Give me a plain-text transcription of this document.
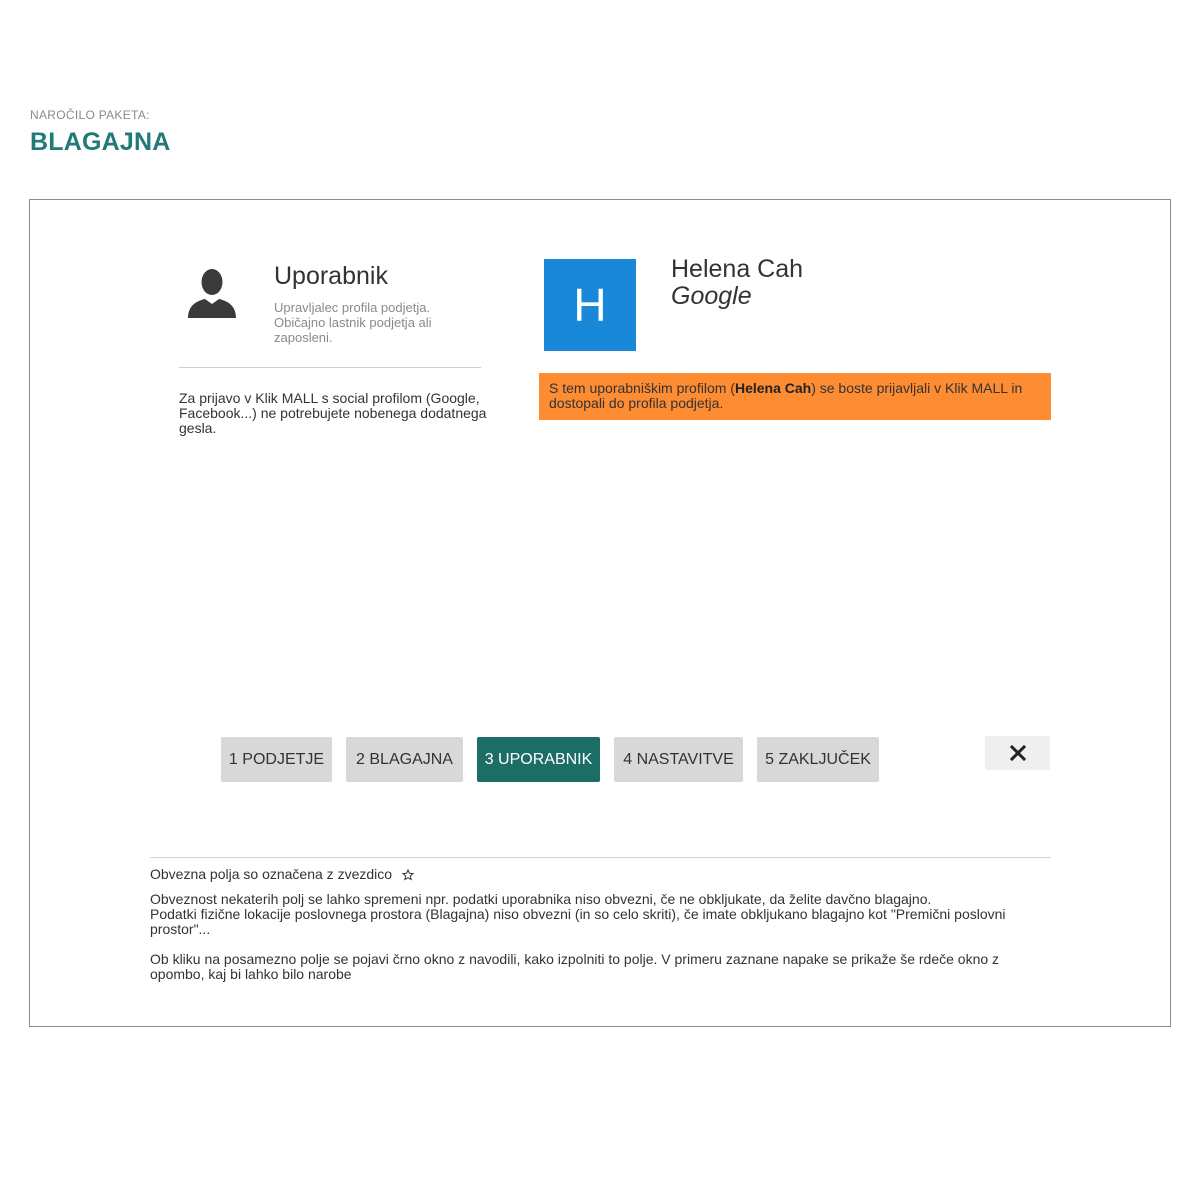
NAROČILO PAKETA:
BLAGAJNA
Uporabnik
Upravljalec profila podjetja. Običajno lastnik podjetja ali zaposleni.
Za prijavo v Klik MALL s social profilom (Google, Facebook...) ne potrebujete nobenega dodatnega gesla.
H
Helena Cah
Google
S tem uporabniškim profilom (Helena Cah) se boste prijavljali v Klik MALL in dostopali do profila podjetja.
1 PODJETJE	2 BLAGAJNA	3 UPORABNIK	4 NASTAVITVE	5 ZAKLJUČEK
Obvezna polja so označena z zvezdico
Obveznost nekaterih polj se lahko spremeni npr. podatki uporabnika niso obvezni, če ne obkljukate, da želite davčno blagajno.
Podatki fizične lokacije poslovnega prostora (Blagajna) niso obvezni (in so celo skriti), če imate obkljukano blagajno kot "Premični poslovni prostor"...
Ob kliku na posamezno polje se pojavi črno okno z navodili, kako izpolniti to polje. V primeru zaznane napake se prikaže še rdeče okno z opombo, kaj bi lahko bilo narobe
